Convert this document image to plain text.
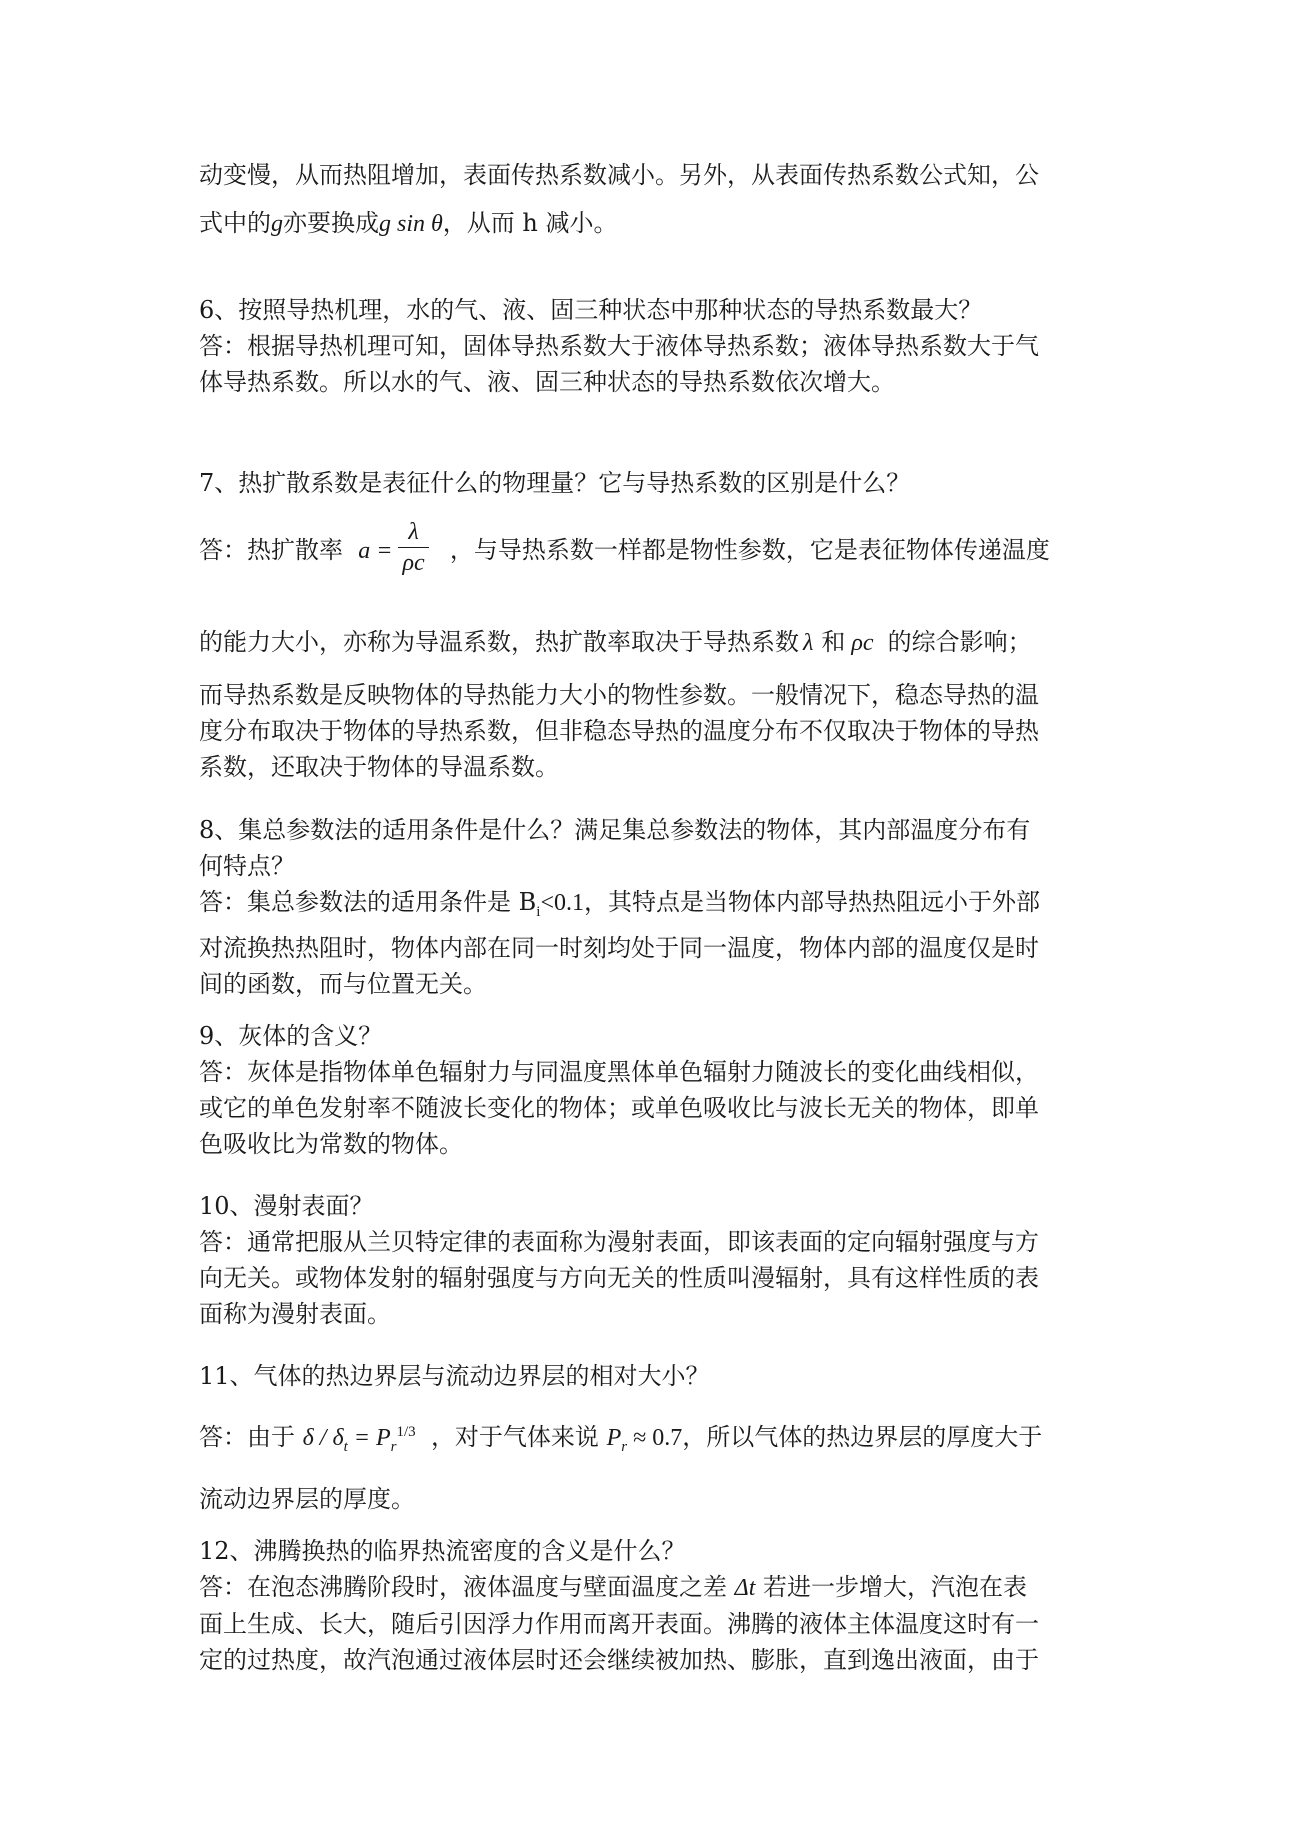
动变慢，从而热阻增加，表面传热系数减小。另外，从表面传热系数公式知，公

式中的g亦要换成g sin θ，从而 h 减小。

6、按照导热机理，水的气、液、固三种状态中那种状态的导热系数最大？

答：根据导热机理可知，固体导热系数大于液体导热系数；液体导热系数大于气

体导热系数。所以水的气、液、固三种状态的导热系数依次增大。

7、热扩散系数是表征什么的物理量？它与导热系数的区别是什么？

答：热扩散率 $a = \frac{\lambda}{\rho c}$ ，与导热系数一样都是物性参数，它是表征物体传递温度

的能力大小，亦称为导温系数，热扩散率取决于导热系数 λ 和 ρc 的综合影响；

而导热系数是反映物体的导热能力大小的物性参数。一般情况下，稳态导热的温

度分布取决于物体的导热系数，但非稳态导热的温度分布不仅取决于物体的导热

系数，还取决于物体的导温系数。

8、集总参数法的适用条件是什么？满足集总参数法的物体，其内部温度分布有

何特点？

答：集总参数法的适用条件是 $B_i<0.1$，其特点是当物体内部导热热阻远小于外部

对流换热热阻时，物体内部在同一时刻均处于同一温度，物体内部的温度仅是时

间的函数，而与位置无关。

9、灰体的含义？

答：灰体是指物体单色辐射力与同温度黑体单色辐射力随波长的变化曲线相似，

或它的单色发射率不随波长变化的物体；或单色吸收比与波长无关的物体，即单

色吸收比为常数的物体。

10、漫射表面？

答：通常把服从兰贝特定律的表面称为漫射表面，即该表面的定向辐射强度与方

向无关。或物体发射的辐射强度与方向无关的性质叫漫辐射，具有这样性质的表

面称为漫射表面。

11、气体的热边界层与流动边界层的相对大小？

答：由于 $\delta / \delta_t = P_r^{1/3}$ ，对于气体来说 $P_r \approx 0.7$，所以气体的热边界层的厚度大于

流动边界层的厚度。

12、沸腾换热的临界热流密度的含义是什么？

答：在泡态沸腾阶段时，液体温度与壁面温度之差 Δt 若进一步增大，汽泡在表

面上生成、长大，随后引因浮力作用而离开表面。沸腾的液体主体温度这时有一

定的过热度，故汽泡通过液体层时还会继续被加热、膨胀，直到逸出液面，由于
